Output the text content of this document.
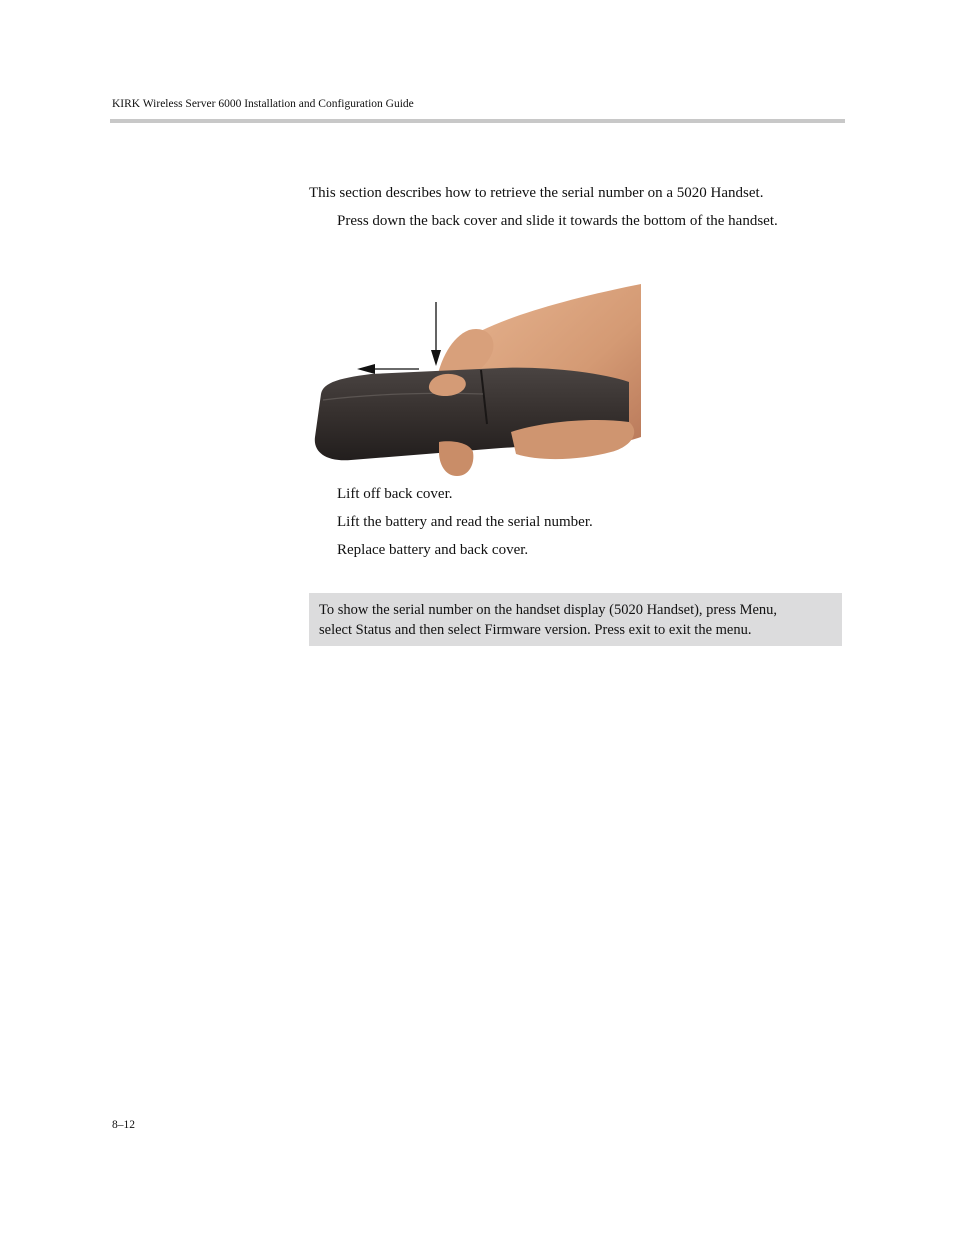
KIRK Wireless Server 6000 Installation and Configuration Guide
This section describes how to retrieve the serial number on a 5020 Handset.
Press down the back cover and slide it towards the bottom of the handset.
Lift off back cover.
Lift the battery and read the serial number.
Replace battery and back cover.
To show the serial number on the handset display (5020 Handset), press Menu,
select Status and then select Firmware version. Press exit to exit the menu.
8–12
